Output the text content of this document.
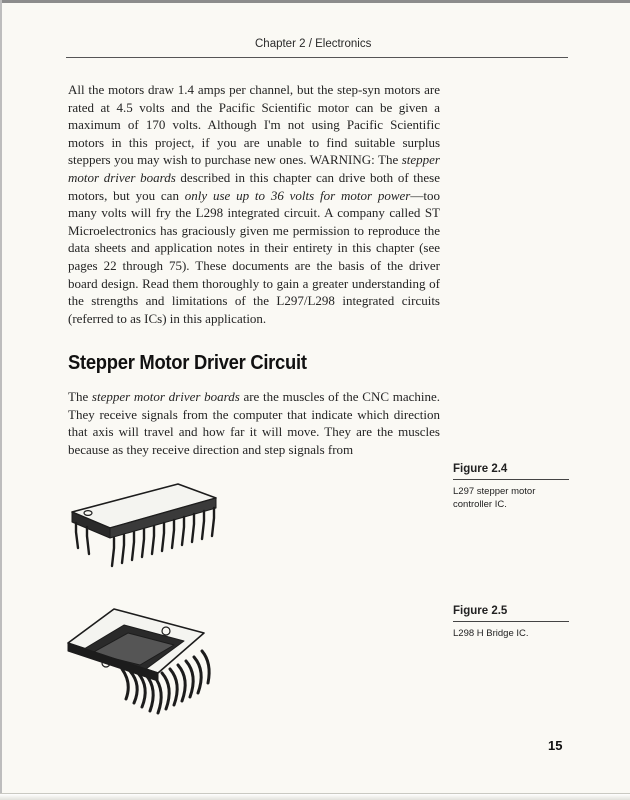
Chapter 2 / Electronics

All the motors draw 1.4 amps per channel, but the step-syn motors are rated at 4.5 volts and the Pacific Scientific motor can be given a maximum of 170 volts. Although I'm not using Pacific Scientific motors in this project, if you are unable to find suitable surplus steppers you may wish to purchase new ones. WARNING: The stepper motor driver boards described in this chapter can drive both of these motors, but you can only use up to 36 volts for motor power—too many volts will fry the L298 integrated circuit. A company called ST Microelectronics has graciously given me permission to reproduce the data sheets and application notes in their entirety in this chapter (see pages 22 through 75). These documents are the basis of the driver board design. Read them thoroughly to gain a greater understanding of the strengths and limitations of the L297/L298 integrated circuits (referred to as ICs) in this application.

Stepper Motor Driver Circuit

The stepper motor driver boards are the muscles of the CNC machine. They receive signals from the computer that indicate which direction that axis will travel and how far it will move. They are the muscles because as they receive direction and step signals from

Figure 2.4
L297 stepper motor controller IC.
Figure 2.5
L298 H Bridge IC.
15
